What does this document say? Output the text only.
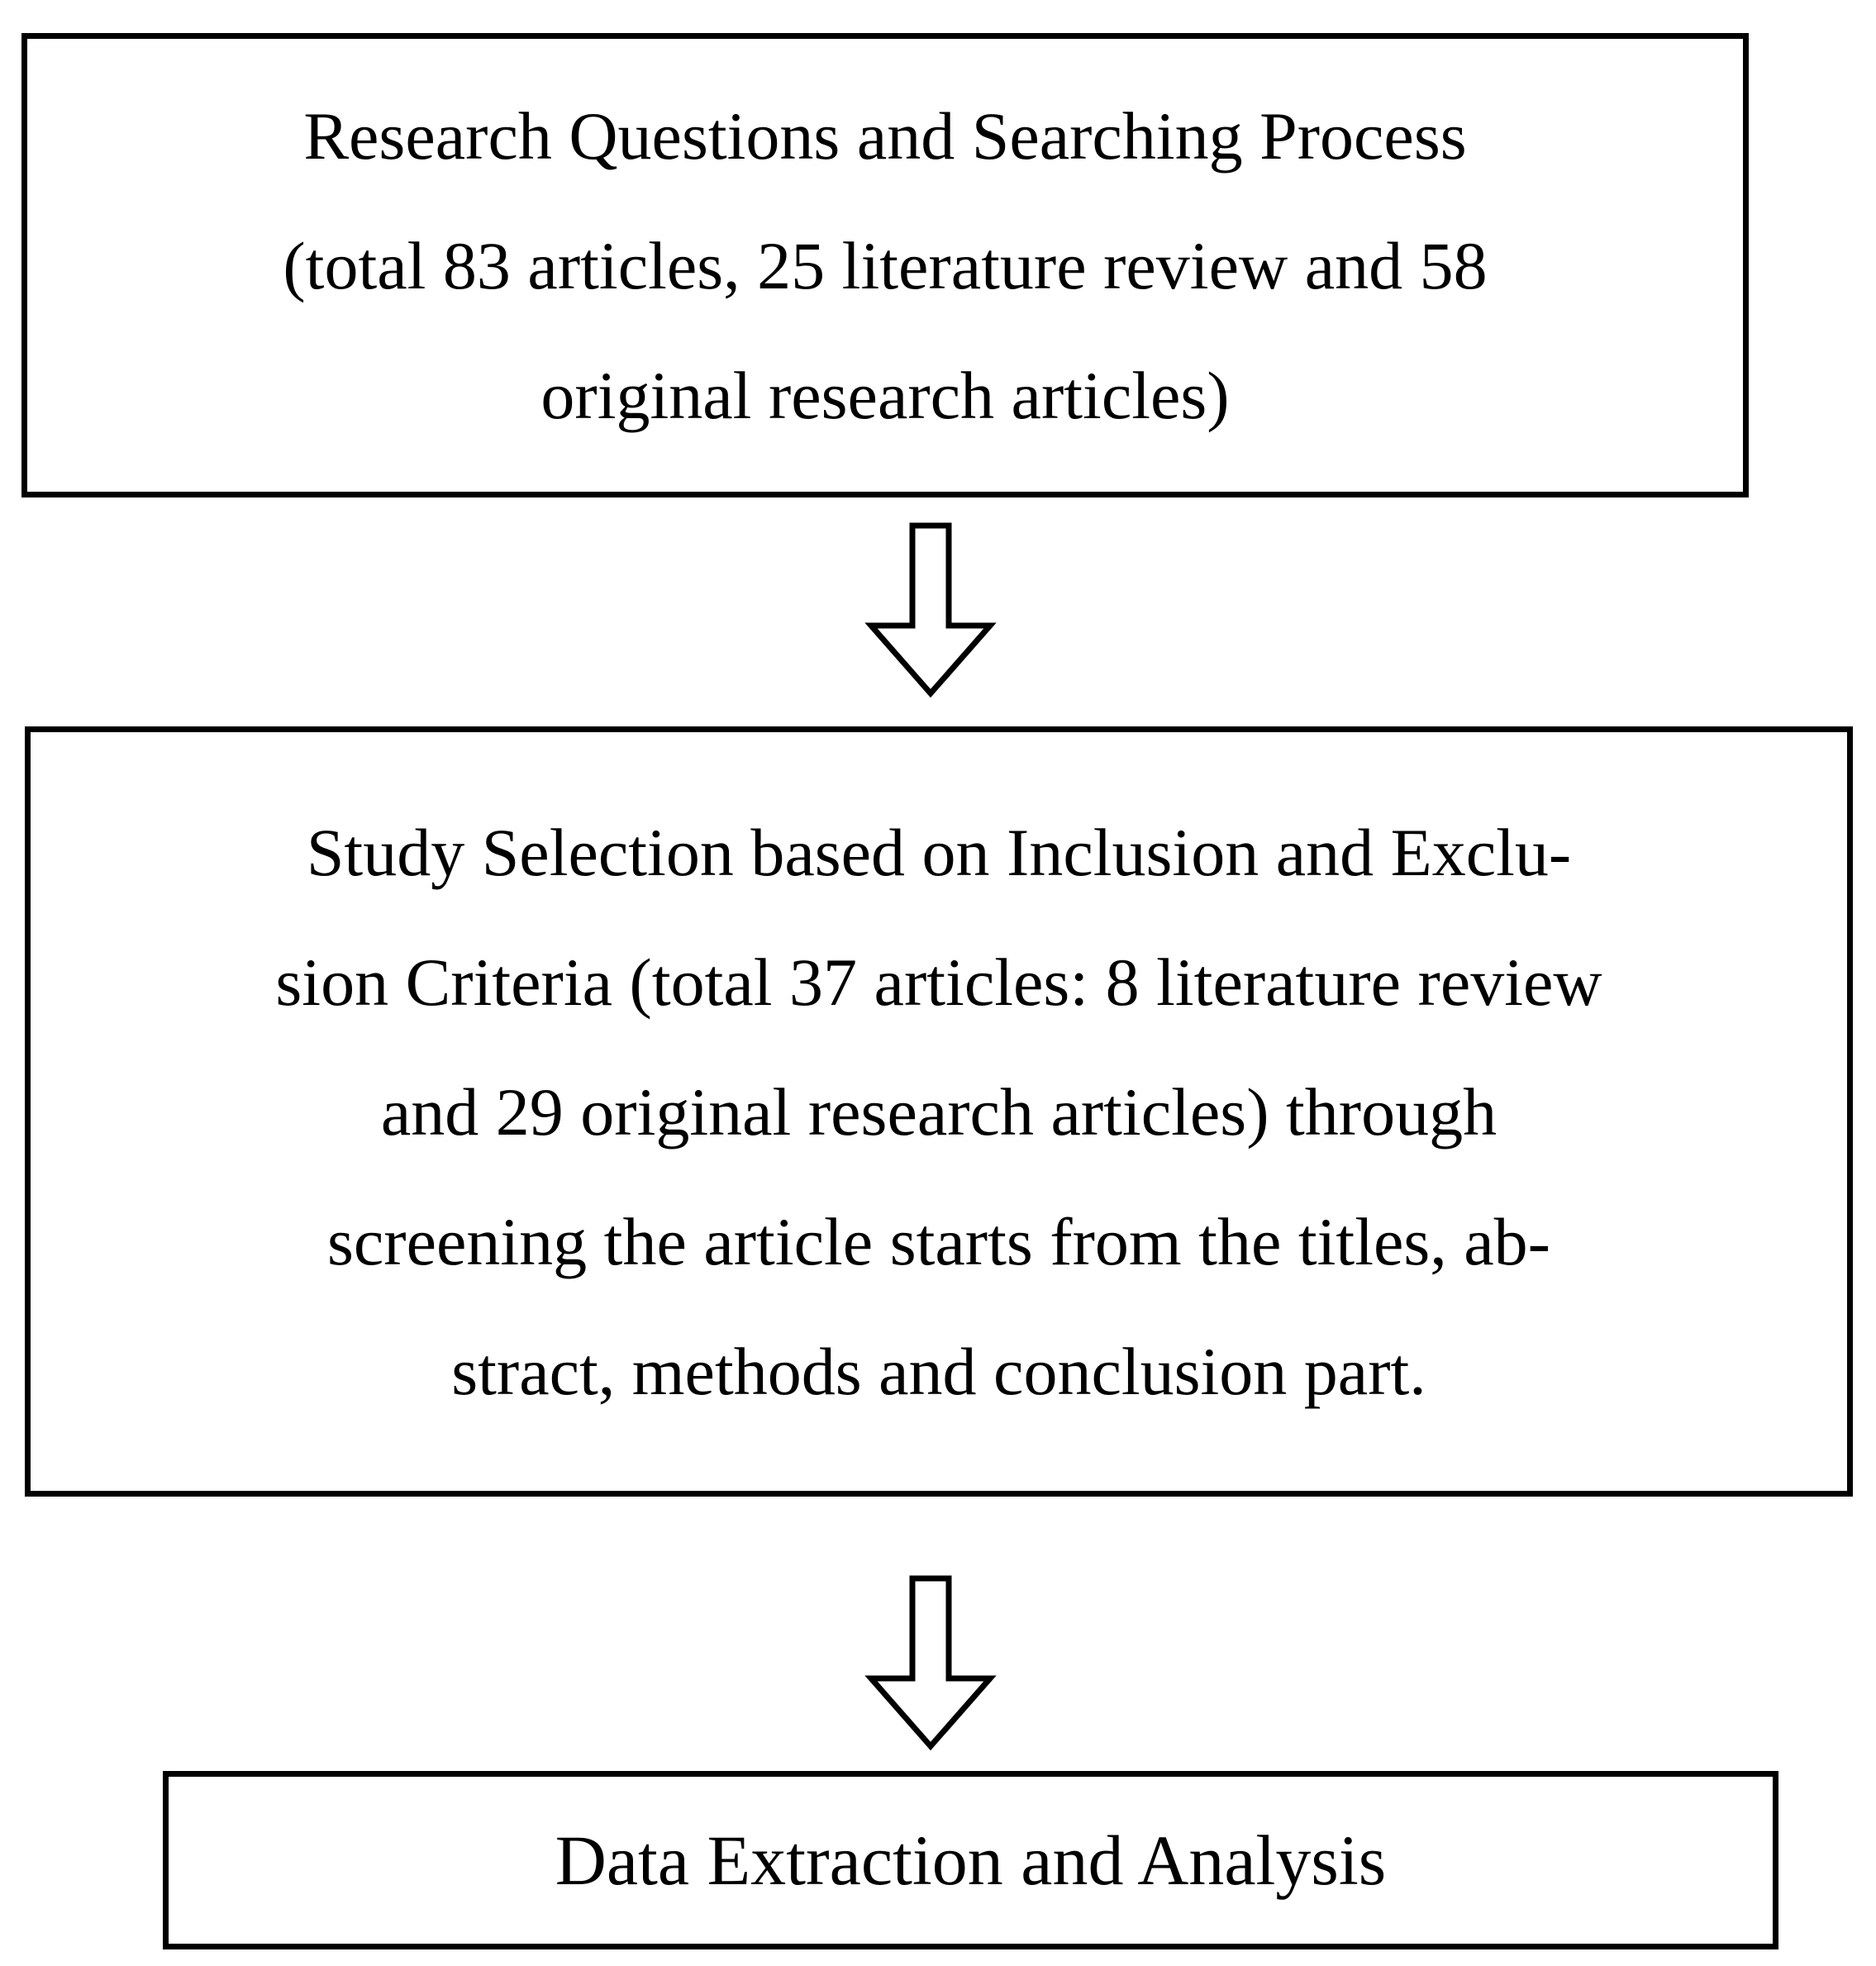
Research Questions and Searching Process
(total 83 articles, 25 literature review and 58
original research articles)
Study Selection based on Inclusion and Exclu-
sion Criteria (total 37 articles: 8 literature review
and 29 original research articles) through
screening the article starts from the titles, ab-
stract, methods and conclusion part.
Data Extraction and Analysis
